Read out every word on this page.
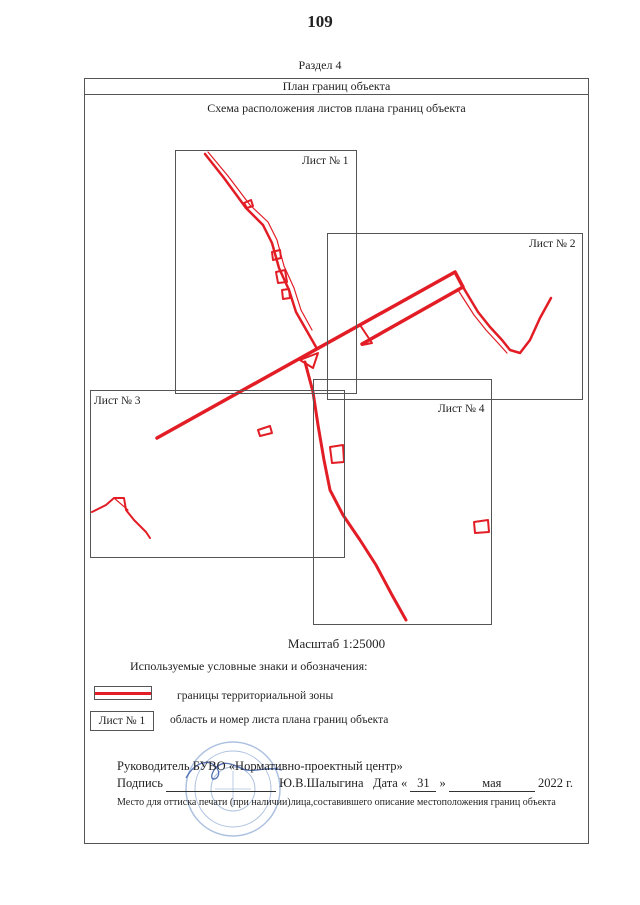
109
Раздел 4
План границ объекта
Схема расположения листов плана границ объекта
Лист № 1
Лист № 2
Лист № 3
Лист № 4
Масштаб 1:25000
Используемые условные знаки и обозначения:
границы территориальной зоны
Лист № 1	область и номер листа плана границ объекта
Руководитель БУВО «Нормативно-проектный центр»
Подпись	Ю.В.Шалыгина Дата « 31 »	мая	2022 г.
Место для оттиска печати (при наличии)лица,составившего описание местоположения границ объекта
